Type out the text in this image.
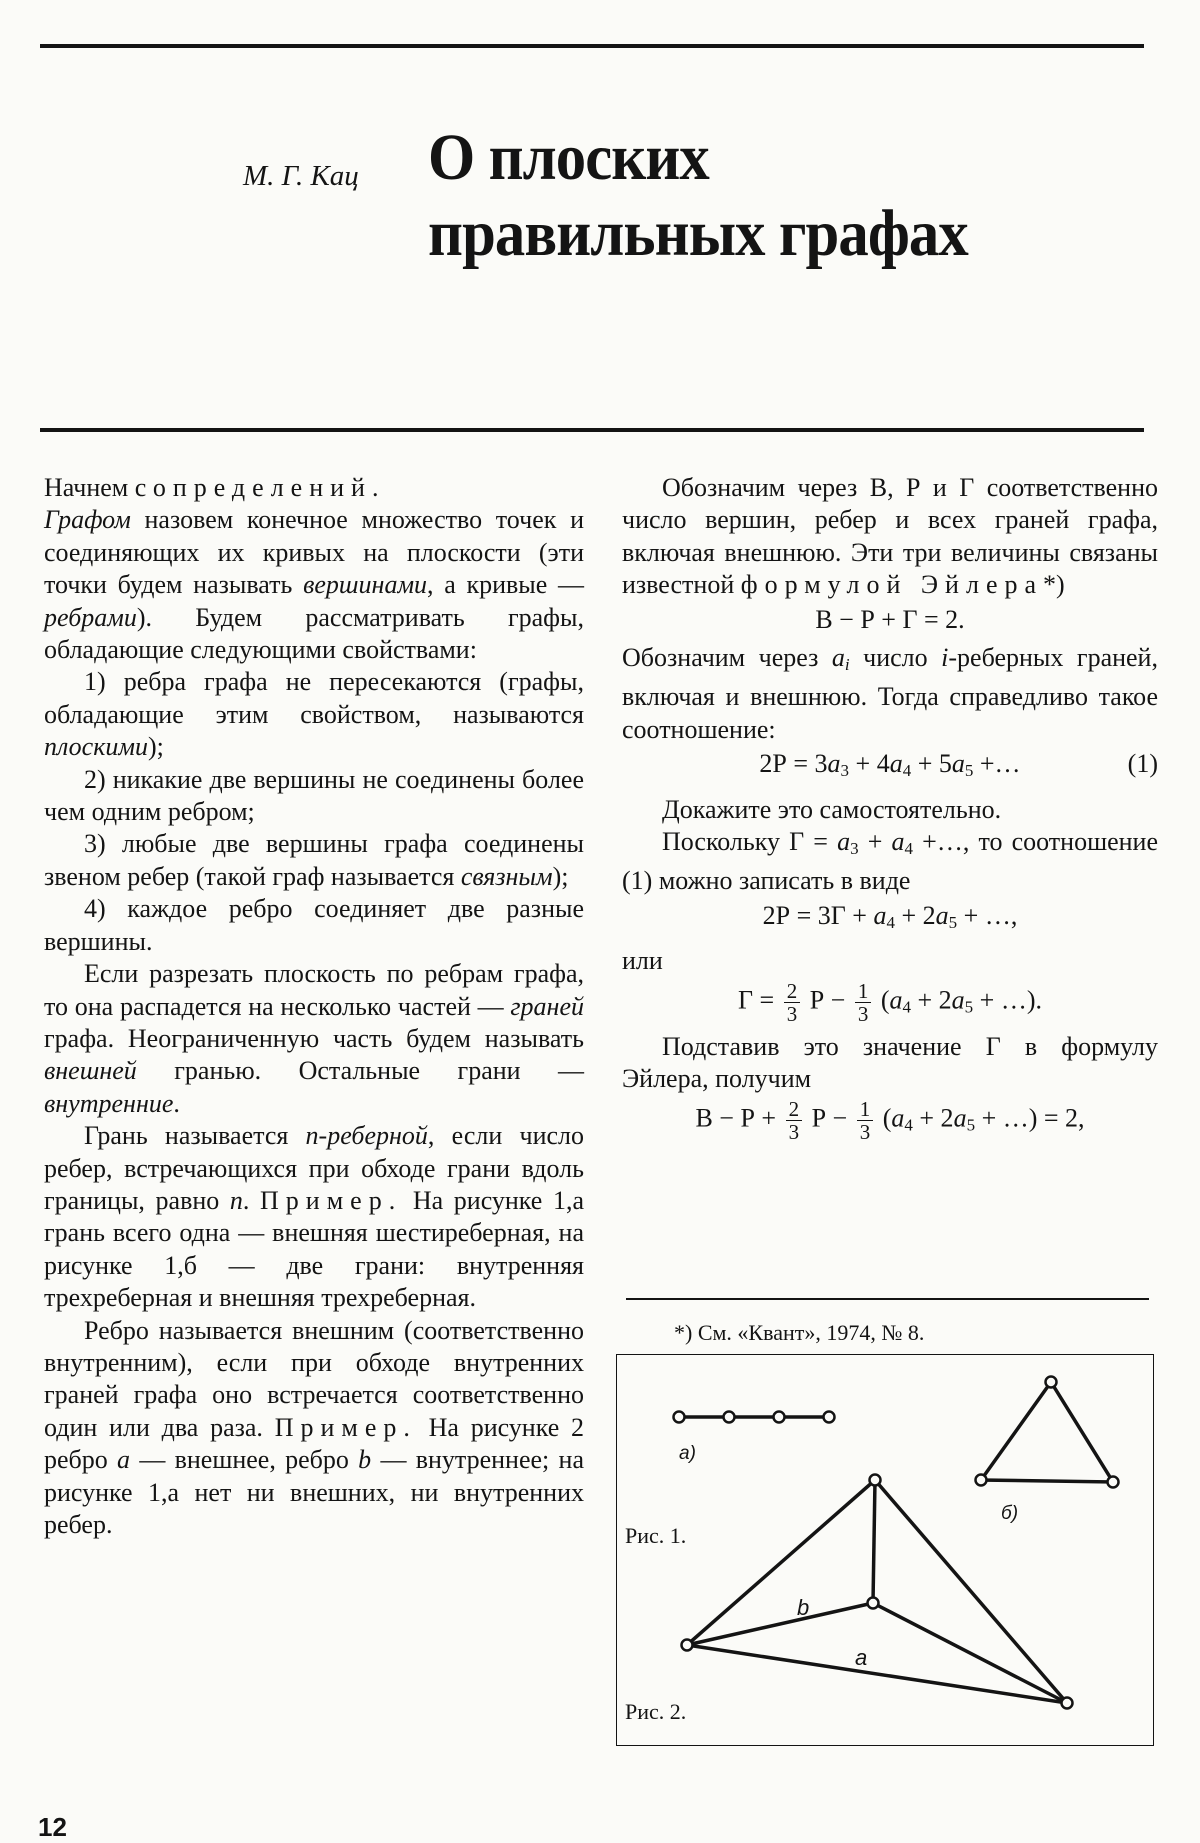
М. Г. Кац О плоских
правильных графах

Начнем с определений.

Графом назовем конечное множество точек и соединяющих их кривых на плоскости (эти точки будем называть вершинами, а кривые — ребрами). Будем рассматривать графы, обладающие следующими свойствами:

1) ребра графа не пересекаются (графы, обладающие этим свойством, называются плоскими);

2) никакие две вершины не соединены более чем одним ребром;

3) любые две вершины графа соединены звеном ребер (такой граф называется связным);

4) каждое ребро соединяет две разные вершины.

Если разрезать плоскость по ребрам графа, то она распадется на несколько частей — граней графа. Неограниченную часть будем называть внешней гранью. Остальные грани — внутренние.

Грань называется n-реберной, если число ребер, встречающихся при обходе грани вдоль границы, равно n. Пример. На рисунке 1,а грань всего одна — внешняя шестиреберная, на рисунке 1,б — две грани: внутренняя трехреберная и внешняя трехреберная.

Ребро называется внешним (соответственно внутренним), если при обходе внутренних граней графа оно встречается соответственно один или два раза. Пример. На рисунке 2 ребро a — внешнее, ребро b — внутреннее; на рисунке 1,а нет ни внешних, ни внутренних ребер.

Обозначим через В, Р и Г соответственно число вершин, ребер и всех граней графа, включая внешнюю. Эти три величины связаны известной формулой Эйлера*)

В − Р + Г = 2.

Обозначим через $a_i$ число i-реберных граней, включая и внешнюю. Тогда справедливо такое соотношение:

$2Р = 3a_3 + 4a_4 + 5a_5$ +…	(1)

Докажите это самостоятельно.

Поскольку $Г = a_3 + a_4$ +…, то соотношение (1) можно записать в виде

$2Р = 3Г + a_4 + 2a_5$ + …,

или

$Г = \frac{2}{3}$ $Р - \frac{1}{3} (a_4 + 2a_5$ + …).

Подставив это значение Г в формулу Эйлера, получим

$В - Р + \frac{2}{3}$ $Р - \frac{1}{3} (a_4 + 2a_5$ + …) = 2,
*) См. «Квант», 1974, № 8.
a)
б)
Рис. 1.
Рис. 2.
b
a
12
